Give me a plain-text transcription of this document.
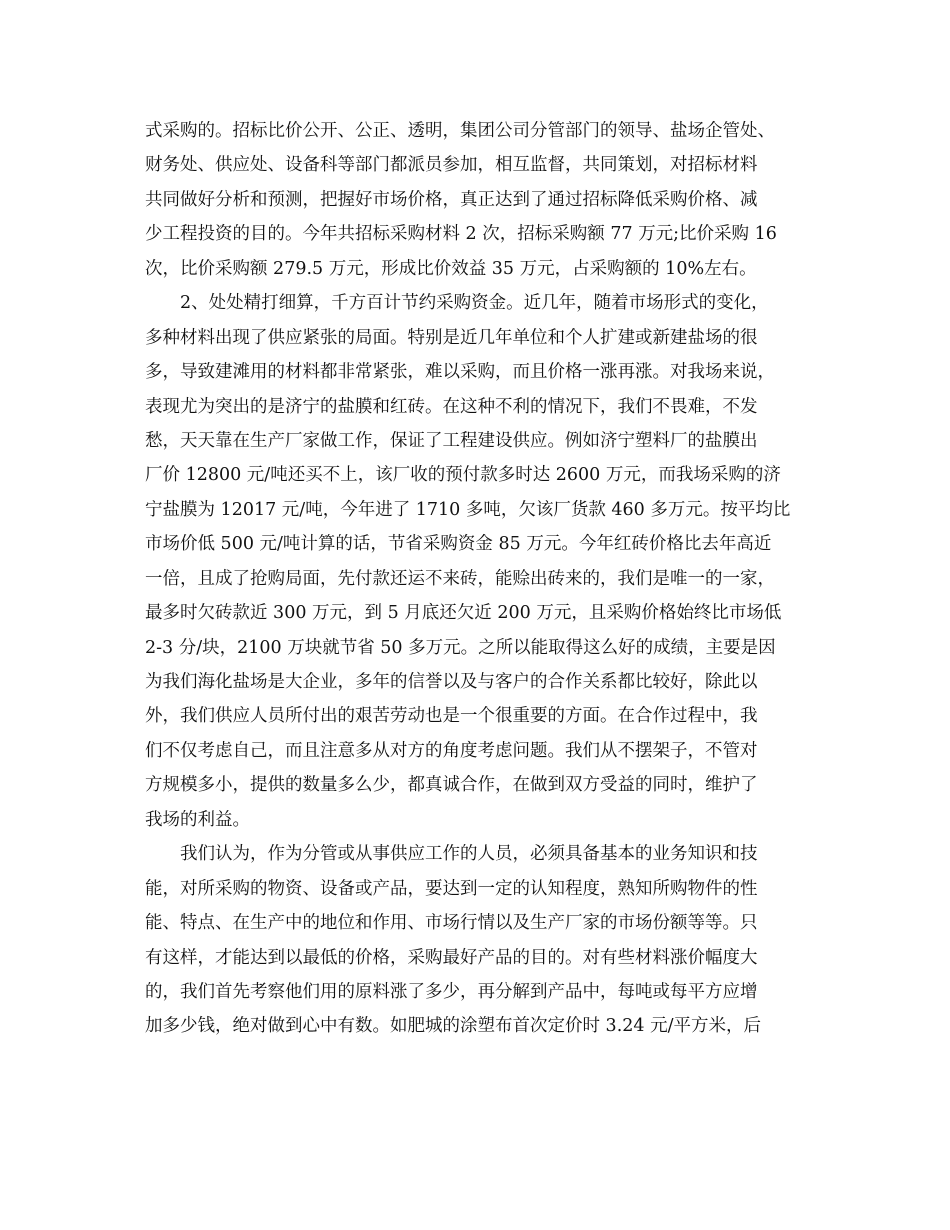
式采购的。招标比价公开、公正、透明，集团公司分管部门的领导、盐场企管处、
财务处、供应处、设备科等部门都派员参加，相互监督，共同策划，对招标材料
共同做好分析和预测，把握好市场价格，真正达到了通过招标降低采购价格、减
少工程投资的目的。今年共招标采购材料 2 次，招标采购额 77 万元;比价采购 16
次，比价采购额 279.5 万元，形成比价效益 35 万元，占采购额的 10%左右。
　　2、处处精打细算，千方百计节约采购资金。近几年，随着市场形式的变化，
多种材料出现了供应紧张的局面。特别是近几年单位和个人扩建或新建盐场的很
多，导致建滩用的材料都非常紧张，难以采购，而且价格一涨再涨。对我场来说，
表现尤为突出的是济宁的盐膜和红砖。在这种不利的情况下，我们不畏难，不发
愁，天天靠在生产厂家做工作，保证了工程建设供应。例如济宁塑料厂的盐膜出
厂价 12800 元/吨还买不上，该厂收的预付款多时达 2600 万元，而我场采购的济
宁盐膜为 12017 元/吨，今年进了 1710 多吨，欠该厂货款 460 多万元。按平均比
市场价低 500 元/吨计算的话，节省采购资金 85 万元。今年红砖价格比去年高近
一倍，且成了抢购局面，先付款还运不来砖，能赊出砖来的，我们是唯一的一家，
最多时欠砖款近 300 万元，到 5 月底还欠近 200 万元，且采购价格始终比市场低
2-3 分/块，2100 万块就节省 50 多万元。之所以能取得这么好的成绩，主要是因
为我们海化盐场是大企业，多年的信誉以及与客户的合作关系都比较好，除此以
外，我们供应人员所付出的艰苦劳动也是一个很重要的方面。在合作过程中，我
们不仅考虑自己，而且注意多从对方的角度考虑问题。我们从不摆架子，不管对
方规模多小，提供的数量多么少，都真诚合作，在做到双方受益的同时，维护了
我场的利益。
　　我们认为，作为分管或从事供应工作的人员，必须具备基本的业务知识和技
能，对所采购的物资、设备或产品，要达到一定的认知程度，熟知所购物件的性
能、特点、在生产中的地位和作用、市场行情以及生产厂家的市场份额等等。只
有这样，才能达到以最低的价格，采购最好产品的目的。对有些材料涨价幅度大
的，我们首先考察他们用的原料涨了多少，再分解到产品中，每吨或每平方应增
加多少钱，绝对做到心中有数。如肥城的涂塑布首次定价时 3.24 元/平方米，后
